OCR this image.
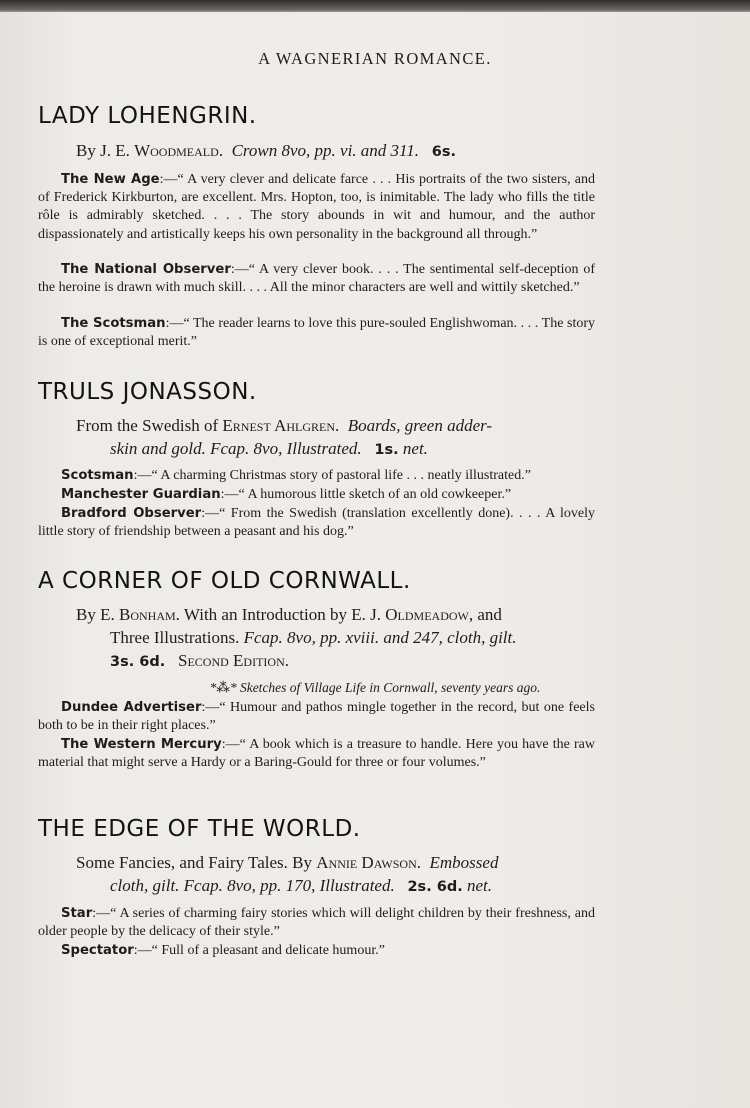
A WAGNERIAN ROMANCE.
LADY LOHENGRIN.
By J. E. Woodmeald. Crown 8vo, pp. vi. and 311. 6s.

The New Age:—“ A very clever and delicate farce . . . His portraits of the two sisters, and of Frederick Kirkburton, are excellent. Mrs. Hopton, too, is inimitable. The lady who fills the title rôle is admirably sketched. . . . The story abounds in wit and humour, and the author dispassionately and artistically keeps his own personality in the background all through.”

The National Observer:—“ A very clever book. . . . The sentimental self-deception of the heroine is drawn with much skill. . . . All the minor characters are well and wittily sketched.”

The Scotsman:—“ The reader learns to love this pure-souled Englishwoman. . . . The story is one of exceptional merit.”

TRULS JONASSON.
From the Swedish of Ernest Ahlgren. Boards, green adder-
skin and gold. Fcap. 8vo, Illustrated. 1s. net.

Scotsman:—“ A charming Christmas story of pastoral life . . . neatly illustrated.”

Manchester Guardian:—“ A humorous little sketch of an old cowkeeper.”

Bradford Observer:—“ From the Swedish (translation excellently done). . . . A lovely little story of friendship between a peasant and his dog.”

A CORNER OF OLD CORNWALL.
By E. Bonham. With an Introduction by E. J. Oldmeadow, and
Three Illustrations. Fcap. 8vo, pp. xviii. and 247, cloth, gilt.
3s. 6d. Second Edition.
*⁂* Sketches of Village Life in Cornwall, seventy years ago.

Dundee Advertiser:—“ Humour and pathos mingle together in the record, but one feels both to be in their right places.”

The Western Mercury:—“ A book which is a treasure to handle. Here you have the raw material that might serve a Hardy or a Baring-Gould for three or four volumes.”

THE EDGE OF THE WORLD.
Some Fancies, and Fairy Tales. By Annie Dawson. Embossed
cloth, gilt. Fcap. 8vo, pp. 170, Illustrated. 2s. 6d. net.

Star:—“ A series of charming fairy stories which will delight children by their freshness, and older people by the delicacy of their style.”

Spectator:—“ Full of a pleasant and delicate humour.”
